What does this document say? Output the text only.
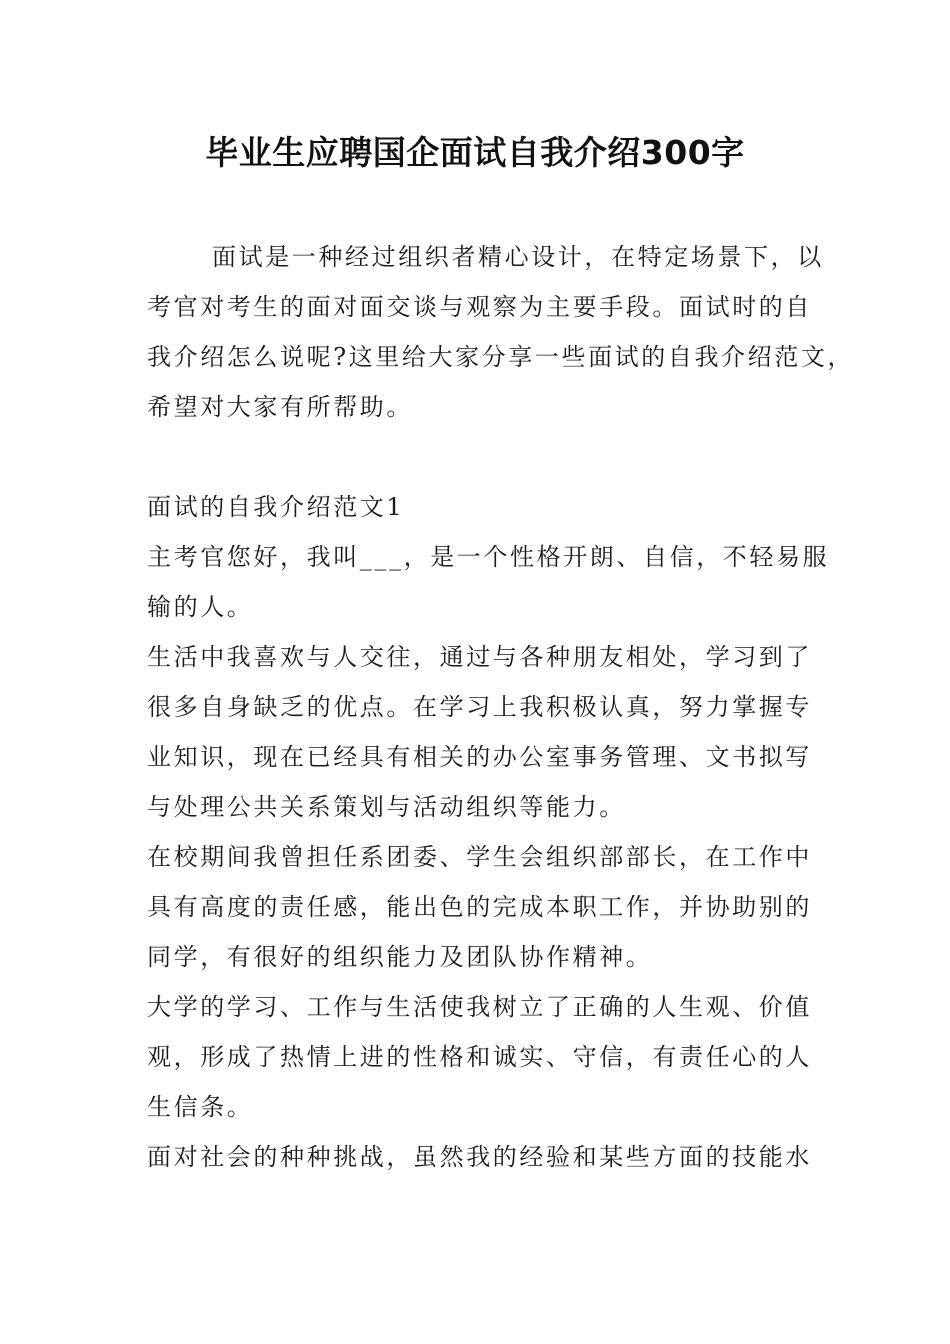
毕业生应聘国企面试自我介绍300字
面试是一种经过组织者精心设计，在特定场景下，以
考官对考生的面对面交谈与观察为主要手段。面试时的自
我介绍怎么说呢?这里给大家分享一些面试的自我介绍范文，
希望对大家有所帮助。
面试的自我介绍范文1
主考官您好，我叫___，是一个性格开朗、自信，不轻易服
输的人。
生活中我喜欢与人交往，通过与各种朋友相处，学习到了
很多自身缺乏的优点。在学习上我积极认真，努力掌握专
业知识，现在已经具有相关的办公室事务管理、文书拟写
与处理公共关系策划与活动组织等能力。
在校期间我曾担任系团委、学生会组织部部长，在工作中
具有高度的责任感，能出色的完成本职工作，并协助别的
同学，有很好的组织能力及团队协作精神。
大学的学习、工作与生活使我树立了正确的人生观、价值
观，形成了热情上进的性格和诚实、守信，有责任心的人
生信条。
面对社会的种种挑战，虽然我的经验和某些方面的技能水
